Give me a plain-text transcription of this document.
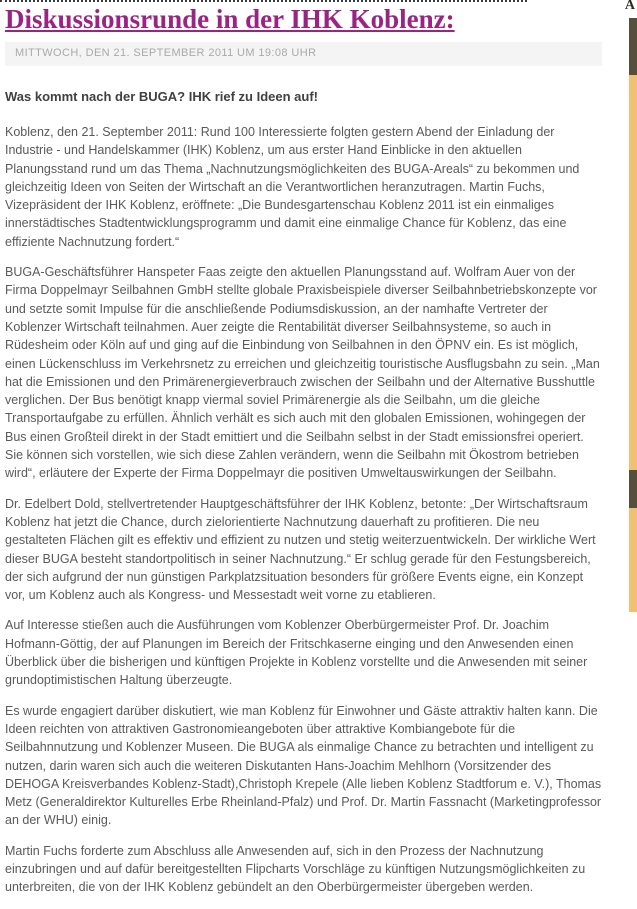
Diskussionsrunde in der IHK Koblenz:
MITTWOCH, DEN 21. SEPTEMBER 2011 UM 19:08 UHR
Was kommt nach der BUGA? IHK rief zu Ideen auf!

Koblenz, den 21. September 2011: Rund 100 Interessierte folgten gestern Abend der Einladung der Industrie - und Handelskammer (IHK) Koblenz, um aus erster Hand Einblicke in den aktuellen Planungsstand rund um das Thema „Nachnutzungsmöglichkeiten des BUGA-Areals“ zu bekommen und gleichzeitig Ideen von Seiten der Wirtschaft an die Verantwortlichen heranzutragen. Martin Fuchs, Vizepräsident der IHK Koblenz, eröffnete: „Die Bundesgartenschau Koblenz 2011 ist ein einmaliges innerstädtisches Stadtentwicklungsprogramm und damit eine einmalige Chance für Koblenz, das eine effiziente Nachnutzung fordert.“

BUGA-Geschäftsführer Hanspeter Faas zeigte den aktuellen Planungsstand auf. Wolfram Auer von der Firma Doppelmayr Seilbahnen GmbH stellte globale Praxisbeispiele diverser Seilbahnbetriebskonzepte vor und setzte somit Impulse für die anschließende Podiumsdiskussion, an der namhafte Vertreter der Koblenzer Wirtschaft teilnahmen. Auer zeigte die Rentabilität diverser Seilbahnsysteme, so auch in Rüdesheim oder Köln auf und ging auf die Einbindung von Seilbahnen in den ÖPNV ein. Es ist möglich, einen Lückenschluss im Verkehrsnetz zu erreichen und gleichzeitig touristische Ausflugsbahn zu sein. „Man hat die Emissionen und den Primärenergieverbrauch zwischen der Seilbahn und der Alternative Busshuttle verglichen. Der Bus benötigt knapp viermal soviel Primärenergie als die Seilbahn, um die gleiche Transportaufgabe zu erfüllen. Ähnlich verhält es sich auch mit den globalen Emissionen, wohingegen der Bus einen Großteil direkt in der Stadt emittiert und die Seilbahn selbst in der Stadt emissionsfrei operiert. Sie können sich vorstellen, wie sich diese Zahlen verändern, wenn die Seilbahn mit Ökostrom betrieben wird“, erläutere der Experte der Firma Doppelmayr die positiven Umweltauswirkungen der Seilbahn.

Dr. Edelbert Dold, stellvertretender Hauptgeschäftsführer der IHK Koblenz, betonte: „Der Wirtschaftsraum Koblenz hat jetzt die Chance, durch zielorientierte Nachnutzung dauerhaft zu profitieren. Die neu gestalteten Flächen gilt es effektiv und effizient zu nutzen und stetig weiterzuentwickeln. Der wirkliche Wert dieser BUGA besteht standortpolitisch in seiner Nachnutzung.“ Er schlug gerade für den Festungsbereich, der sich aufgrund der nun günstigen Parkplatzsituation besonders für größere Events eigne, ein Konzept vor, um Koblenz auch als Kongress- und Messestadt weit vorne zu etablieren.

Auf Interesse stießen auch die Ausführungen vom Koblenzer Oberbürgermeister Prof. Dr. Joachim Hofmann-Göttig, der auf Planungen im Bereich der Fritschkaserne einging und den Anwesenden einen Überblick über die bisherigen und künftigen Projekte in Koblenz vorstellte und die Anwesenden mit seiner grundoptimistischen Haltung überzeugte.

Es wurde engagiert darüber diskutiert, wie man Koblenz für Einwohner und Gäste attraktiv halten kann. Die Ideen reichten von attraktiven Gastronomieangeboten über attraktive Kombiangebote für die Seilbahnnutzung und Koblenzer Museen. Die BUGA als einmalige Chance zu betrachten und intelligent zu nutzen, darin waren sich auch die weiteren Diskutanten Hans-Joachim Mehlhorn (Vorsitzender des DEHOGA Kreisverbandes Koblenz-Stadt),Christoph Krepele (Alle lieben Koblenz Stadtforum e. V.), Thomas Metz (Generaldirektor Kulturelles Erbe Rheinland-Pfalz) und Prof. Dr. Martin Fassnacht (Marketingprofessor an der WHU) einig.

Martin Fuchs forderte zum Abschluss alle Anwesenden auf, sich in den Prozess der Nachnutzung einzubringen und auf dafür bereitgestellten Flipcharts Vorschläge zu künftigen Nutzungsmöglichkeiten zu unterbreiten, die von der IHK Koblenz gebündelt an den Oberbürgermeister übergeben werden.

A
